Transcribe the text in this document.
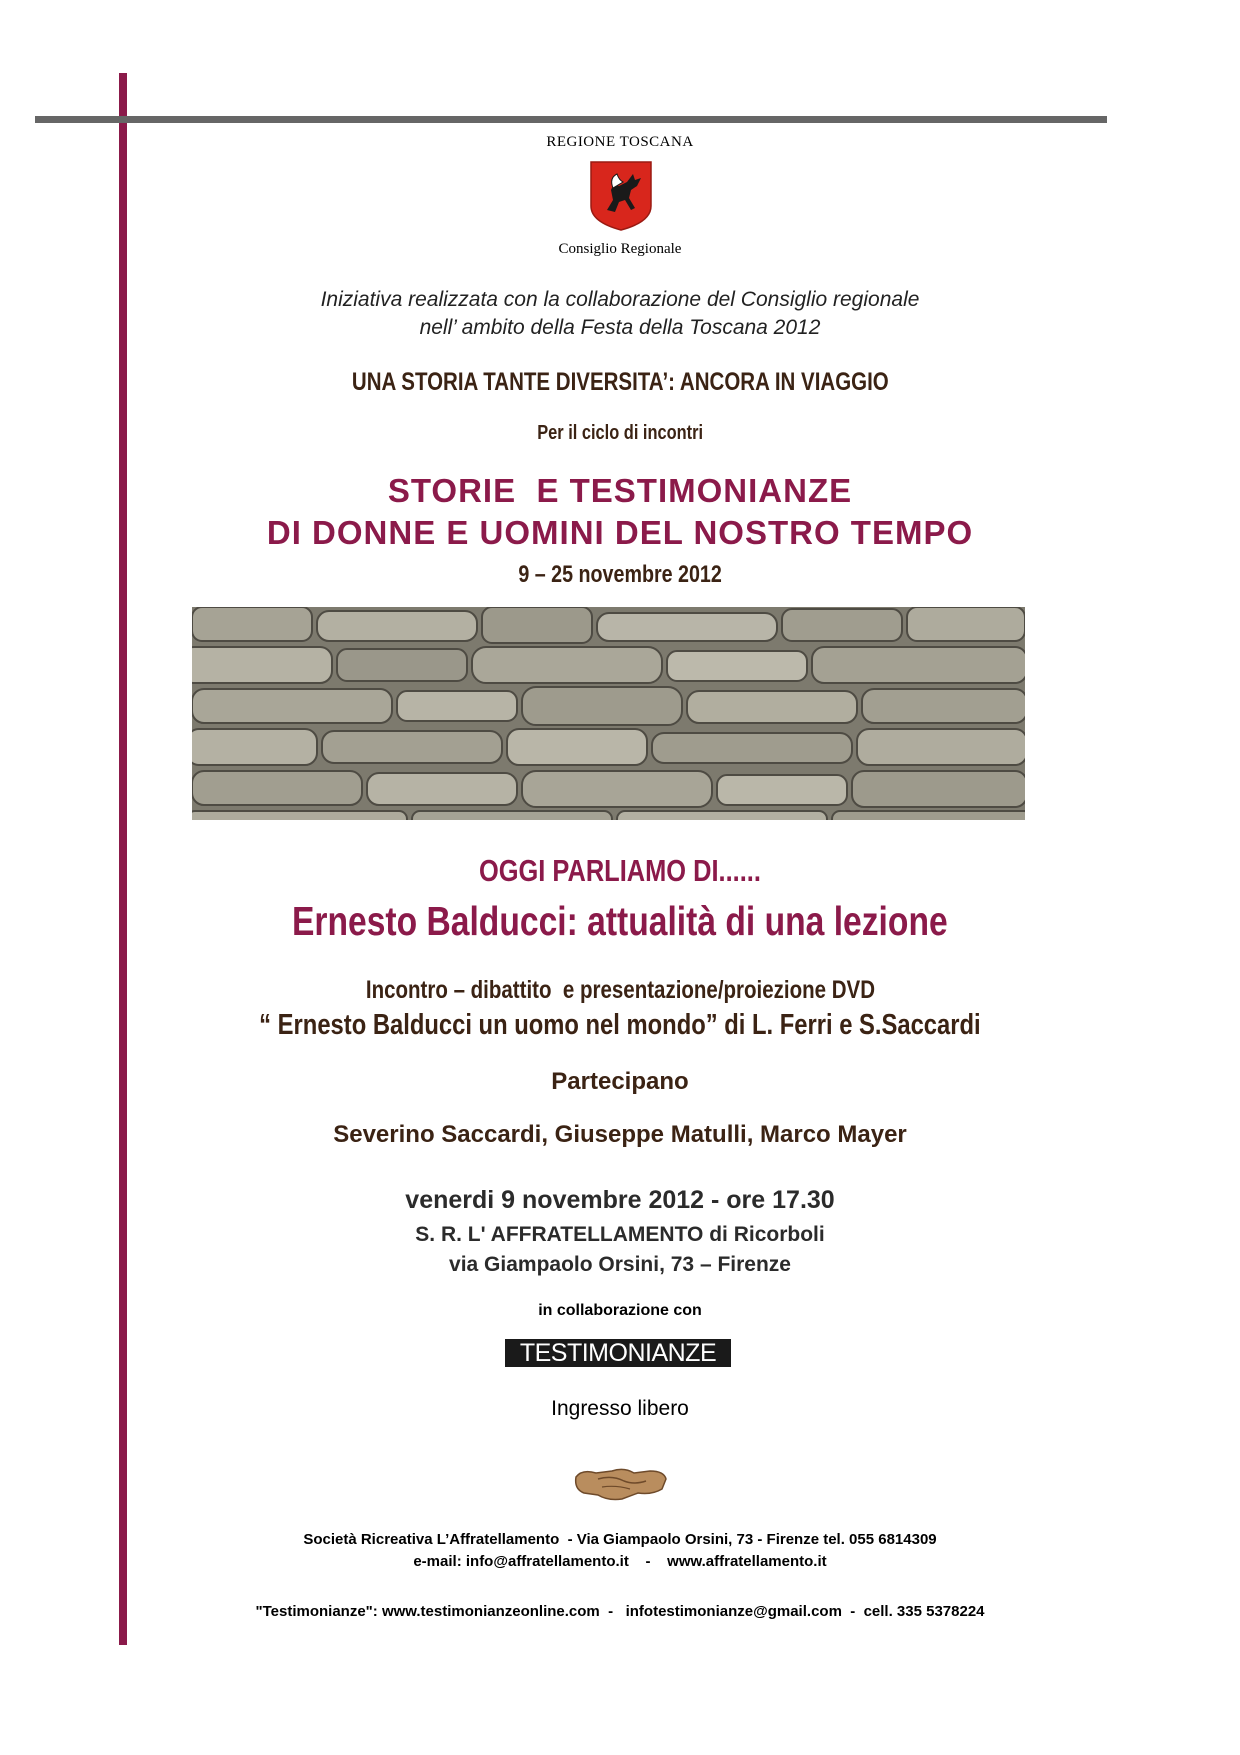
REGIONE TOSCANA
Consiglio Regionale
Iniziativa realizzata con la collaborazione del Consiglio regionale
nell’ ambito della Festa della Toscana 2012
UNA STORIA TANTE DIVERSITA’: ANCORA IN VIAGGIO
Per il ciclo di incontri
STORIE  E TESTIMONIANZE
DI DONNE E UOMINI DEL NOSTRO TEMPO
9 – 25 novembre 2012
OGGI PARLIAMO DI......
Ernesto Balducci: attualità di una lezione
Incontro – dibattito  e presentazione/proiezione DVD
“ Ernesto Balducci un uomo nel mondo” di L. Ferri e S.Saccardi
Partecipano
Severino Saccardi, Giuseppe Matulli, Marco Mayer
venerdi 9 novembre 2012 - ore 17.30
S. R. L' AFFRATELLAMENTO di Ricorboli
via Giampaolo Orsini, 73 – Firenze
in collaborazione con
TESTIMONIANZE
Ingresso libero
Società Ricreativa L’Affratellamento  - Via Giampaolo Orsini, 73 - Firenze tel. 055 6814309
e-mail: info@affratellamento.it    -    www.affratellamento.it
"Testimonianze": www.testimonianzeonline.com  -   infotestimonianze@gmail.com  -  cell. 335 5378224
